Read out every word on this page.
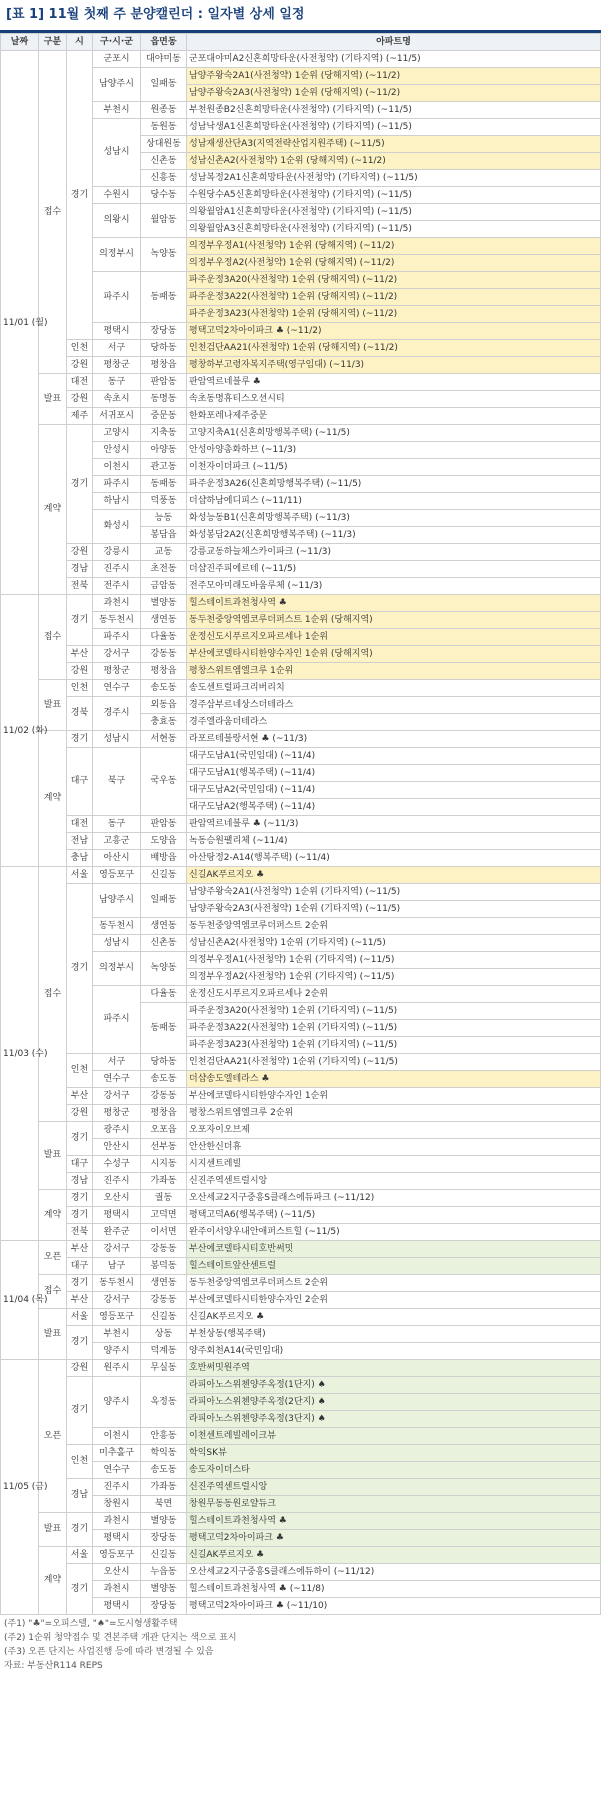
[표 1] 11월 첫째 주 분양캘린더 : 일자별 상세 일정
날짜	구분	시	구·시·군	읍면동	아파트명
11/01 (월)	접수	경기	군포시	대야미동	군포대야미A2신혼희망타운(사전청약) (기타지역) (~11/5)
			남양주시	일패동	남양주왕숙2A1(사전청약) 1순위 (당해지역) (~11/2)
					남양주왕숙2A3(사전청약) 1순위 (당해지역) (~11/2)
			부천시	원종동	부천원종B2신혼희망타운(사전청약) (기타지역) (~11/5)
			성남시	동원동	성남낙생A1신혼희망타운(사전청약) (기타지역) (~11/5)
				상대원동	성남재생산단A3(지역전략산업지원주택) (~11/5)
				신촌동	성남신촌A2(사전청약) 1순위 (당해지역) (~11/2)
				신흥동	성남복정2A1신혼희망타운(사전청약) (기타지역) (~11/5)
			수원시	당수동	수원당수A5신혼희망타운(사전청약) (기타지역) (~11/5)
			의왕시	월암동	의왕월암A1신혼희망타운(사전청약) (기타지역) (~11/5)
					의왕월암A3신혼희망타운(사전청약) (기타지역) (~11/5)
			의정부시	녹양동	의정부우정A1(사전청약) 1순위 (당해지역) (~11/2)
					의정부우정A2(사전청약) 1순위 (당해지역) (~11/2)
			파주시	동패동	파주운정3A20(사전청약) 1순위 (당해지역) (~11/2)
					파주운정3A22(사전청약) 1순위 (당해지역) (~11/2)
					파주운정3A23(사전청약) 1순위 (당해지역) (~11/2)
			평택시	장당동	평택고덕2차아이파크 ♣ (~11/2)
		인천	서구	당하동	인천검단AA21(사전청약) 1순위 (당해지역) (~11/2)
		강원	평창군	평창읍	평창하부고령자복지주택(영구임대) (~11/3)
	발표	대전	동구	판암동	판암역르네블루 ♣
		강원	속초시	동명동	속초동명휴티스오션시티
		제주	서귀포시	중문동	한화포레나제주중문
	계약	경기	고양시	지축동	고양지축A1(신혼희망행복주택) (~11/5)
			안성시	아양동	안성아양총화하브 (~11/3)
			이천시	관고동	이천자이더파크 (~11/5)
			파주시	동패동	파주운정3A26(신혼희망행복주택) (~11/5)
			하남시	덕풍동	더샵하남에디피스 (~11/11)
			화성시	능동	화성능동B1(신혼희망행복주택) (~11/3)
				봉담읍	화성봉담2A2(신혼희망행복주택) (~11/3)
		강원	강릉시	교동	강릉교동하늘채스카이파크 (~11/3)
		경남	진주시	초전동	더샵진주피에르테 (~11/5)
		전북	전주시	금암동	전주모아미래도바움루체 (~11/3)
11/02 (화)	접수	경기	과천시	별양동	힐스테이트과천청사역 ♣
			동두천시	생연동	동두천중앙역엠코루더퍼스트 1순위 (당해지역)
			파주시	다율동	운정신도시푸르지오파르세나 1순위
		부산	강서구	강동동	부산에코델타시티한양수자인 1순위 (당해지역)
		강원	평창군	평창읍	평창스위트엠엘크루 1순위
	발표	인천	연수구	송도동	송도센트럴파크리버리치
		경북	경주시	외동읍	경주삼부르네상스더테라스
				충효동	경주엘라움더테라스
	계약	경기	성남시	서현동	라포르테블랑서현 ♣ (~11/3)
		대구	북구	국우동	대구도남A1(국민임대) (~11/4)
					대구도남A1(행복주택) (~11/4)
					대구도남A2(국민임대) (~11/4)
					대구도남A2(행복주택) (~11/4)
		대전	동구	판암동	판암역르네블루 ♣ (~11/3)
		전남	고흥군	도양읍	녹동승원팰리체 (~11/4)
		충남	아산시	배방읍	아산탕정2-A14(행복주택) (~11/4)
11/03 (수)	접수	서울	영등포구	신길동	신길AK푸르지오 ♣
		경기	남양주시	일패동	남양주왕숙2A1(사전청약) 1순위 (기타지역) (~11/5)
					남양주왕숙2A3(사전청약) 1순위 (기타지역) (~11/5)
			동두천시	생연동	동두천중앙역엠코루더퍼스트 2순위
			성남시	신촌동	성남신촌A2(사전청약) 1순위 (기타지역) (~11/5)
			의정부시	녹양동	의정부우정A1(사전청약) 1순위 (기타지역) (~11/5)
					의정부우정A2(사전청약) 1순위 (기타지역) (~11/5)
			파주시	다율동	운정신도시푸르지오파르세나 2순위
				동패동	파주운정3A20(사전청약) 1순위 (기타지역) (~11/5)
					파주운정3A22(사전청약) 1순위 (기타지역) (~11/5)
					파주운정3A23(사전청약) 1순위 (기타지역) (~11/5)
		인천	서구	당하동	인천검단AA21(사전청약) 1순위 (기타지역) (~11/5)
			연수구	송도동	더샵송도엘테라스 ♣
		부산	강서구	강동동	부산에코델타시티한양수자인 1순위
		강원	평창군	평창읍	평창스위트엠엘크루 2순위
	발표	경기	광주시	오포읍	오포자이오브제
			안산시	선부동	안산한신더휴
		대구	수성구	시지동	시지센트레빌
		경남	진주시	가좌동	신진주역센트럴시앙
	계약	경기	오산시	궐동	오산세교2지구중흥S클래스에듀파크 (~11/12)
		경기	평택시	고덕면	평택고덕A6(행복주택) (~11/5)
		전북	완주군	이서면	완주이서양우내안애퍼스트힐 (~11/5)
11/04 (목)	오픈	부산	강서구	강동동	부산에코델타시티호반써밋
		대구	남구	봉덕동	힐스테이트앞산센트럴
	접수	경기	동두천시	생연동	동두천중앙역엠코루더퍼스트 2순위
		부산	강서구	강동동	부산에코델타시티한양수자인 2순위
	발표	서울	영등포구	신길동	신길AK푸르지오 ♣
		경기	부천시	상동	부천상동(행복주택)
			양주시	덕계동	양주회천A14(국민임대)
11/05 (금)	오픈	강원	원주시	무실동	호반써밋원주역
		경기	양주시	옥정동	라피아노스위첸양주옥정(1단지) ♠
					라피아노스위첸양주옥정(2단지) ♠
					라피아노스위첸양주옥정(3단지) ♠
			이천시	안흥동	이천센트레빌레이크뷰
		인천	미추홀구	학익동	학익SK뷰
			연수구	송도동	송도자이더스타
		경남	진주시	가좌동	신진주역센트럴시앙
			창원시	북면	창원무동동원로얄듀크
	발표	경기	과천시	별양동	힐스테이트과천청사역 ♣
			평택시	장당동	평택고덕2차아이파크 ♣
	계약	서울	영등포구	신길동	신길AK푸르지오 ♣
		경기	오산시	누읍동	오산세교2지구중흥S클래스에듀하이 (~11/12)
			과천시	별양동	힐스테이트과천청사역 ♣ (~11/8)
			평택시	장당동	평택고덕2차아이파크 ♣ (~11/10)
(주1) "♣"=오피스텔, "♠"=도시형생활주택
(주2) 1순위 청약접수 및 견본주택 개관 단지는 색으로 표시
(주3) 오픈 단지는 사업진행 등에 따라 변경될 수 있음
자료: 부동산R114 REPS
